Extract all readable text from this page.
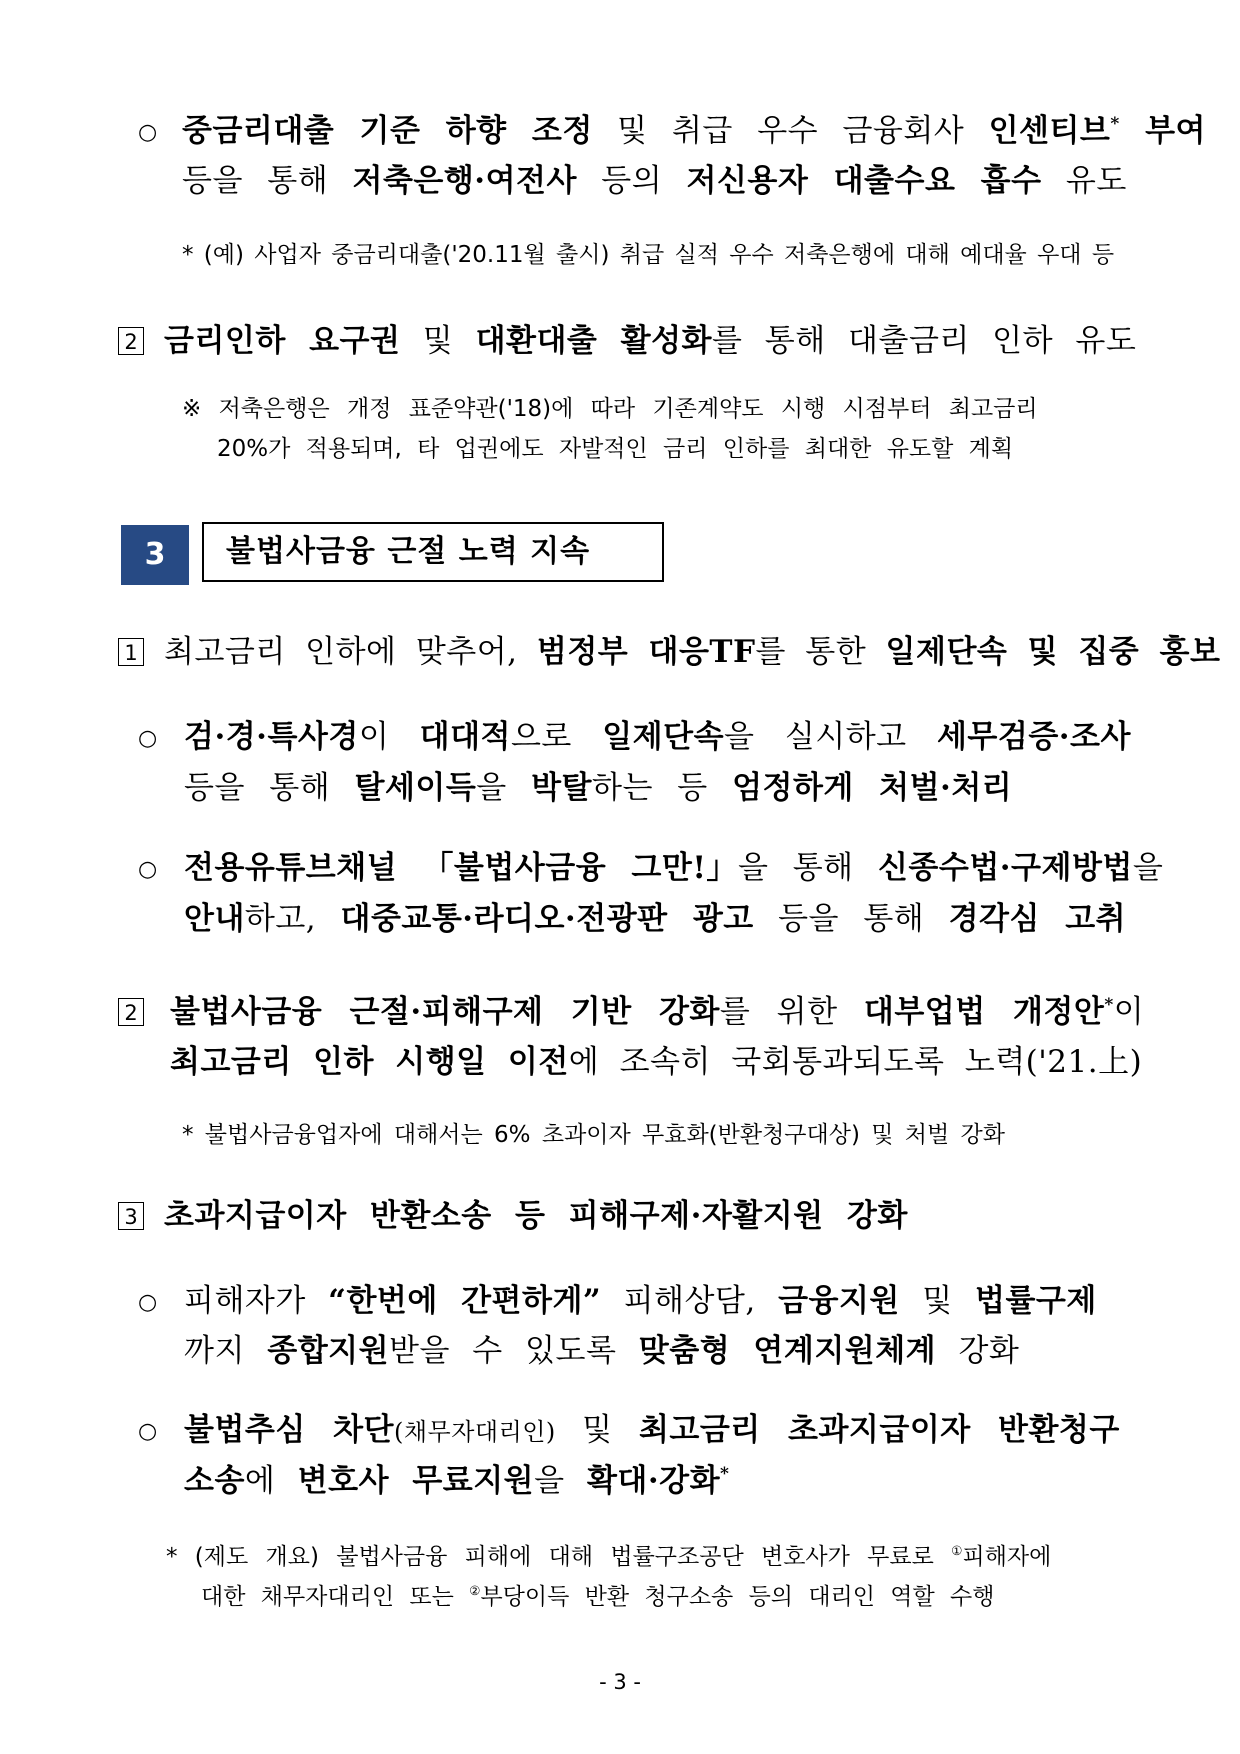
○ 중금리대출 기준 하향 조정 및 취급 우수 금융회사 인센티브* 부여
등을 통해 저축은행·여전사 등의 저신용자 대출수요 흡수 유도
* (예) 사업자 중금리대출('20.11월 출시) 취급 실적 우수 저축은행에 대해 예대율 우대 등
2 금리인하 요구권 및 대환대출 활성화를 통해 대출금리 인하 유도
※ 저축은행은 개정 표준약관('18)에 따라 기존계약도 시행 시점부터 최고금리
20%가 적용되며, 타 업권에도 자발적인 금리 인하를 최대한 유도할 계획
3	불법사금융 근절 노력 지속
1 최고금리 인하에 맞추어, 범정부 대응TF를 통한 일제단속 및 집중 홍보
○ 검·경·특사경이 대대적으로 일제단속을 실시하고 세무검증·조사
등을 통해 탈세이득을 박탈하는 등 엄정하게 처벌·처리
○ 전용유튜브채널 「불법사금융 그만!」을 통해 신종수법·구제방법을
안내하고, 대중교통·라디오·전광판 광고 등을 통해 경각심 고취
2 불법사금융 근절·피해구제 기반 강화를 위한 대부업법 개정안*이
최고금리 인하 시행일 이전에 조속히 국회통과되도록 노력('21.上)
* 불법사금융업자에 대해서는 6% 초과이자 무효화(반환청구대상) 및 처벌 강화
3 초과지급이자 반환소송 등 피해구제·자활지원 강화
○ 피해자가 “한번에 간편하게” 피해상담, 금융지원 및 법률구제
까지 종합지원받을 수 있도록 맞춤형 연계지원체계 강화
○ 불법추심 차단(채무자대리인) 및 최고금리 초과지급이자 반환청구
소송에 변호사 무료지원을 확대·강화*
* (제도 개요) 불법사금융 피해에 대해 법률구조공단 변호사가 무료로 ①피해자에
대한 채무자대리인 또는 ②부당이득 반환 청구소송 등의 대리인 역할 수행
- 3 -
